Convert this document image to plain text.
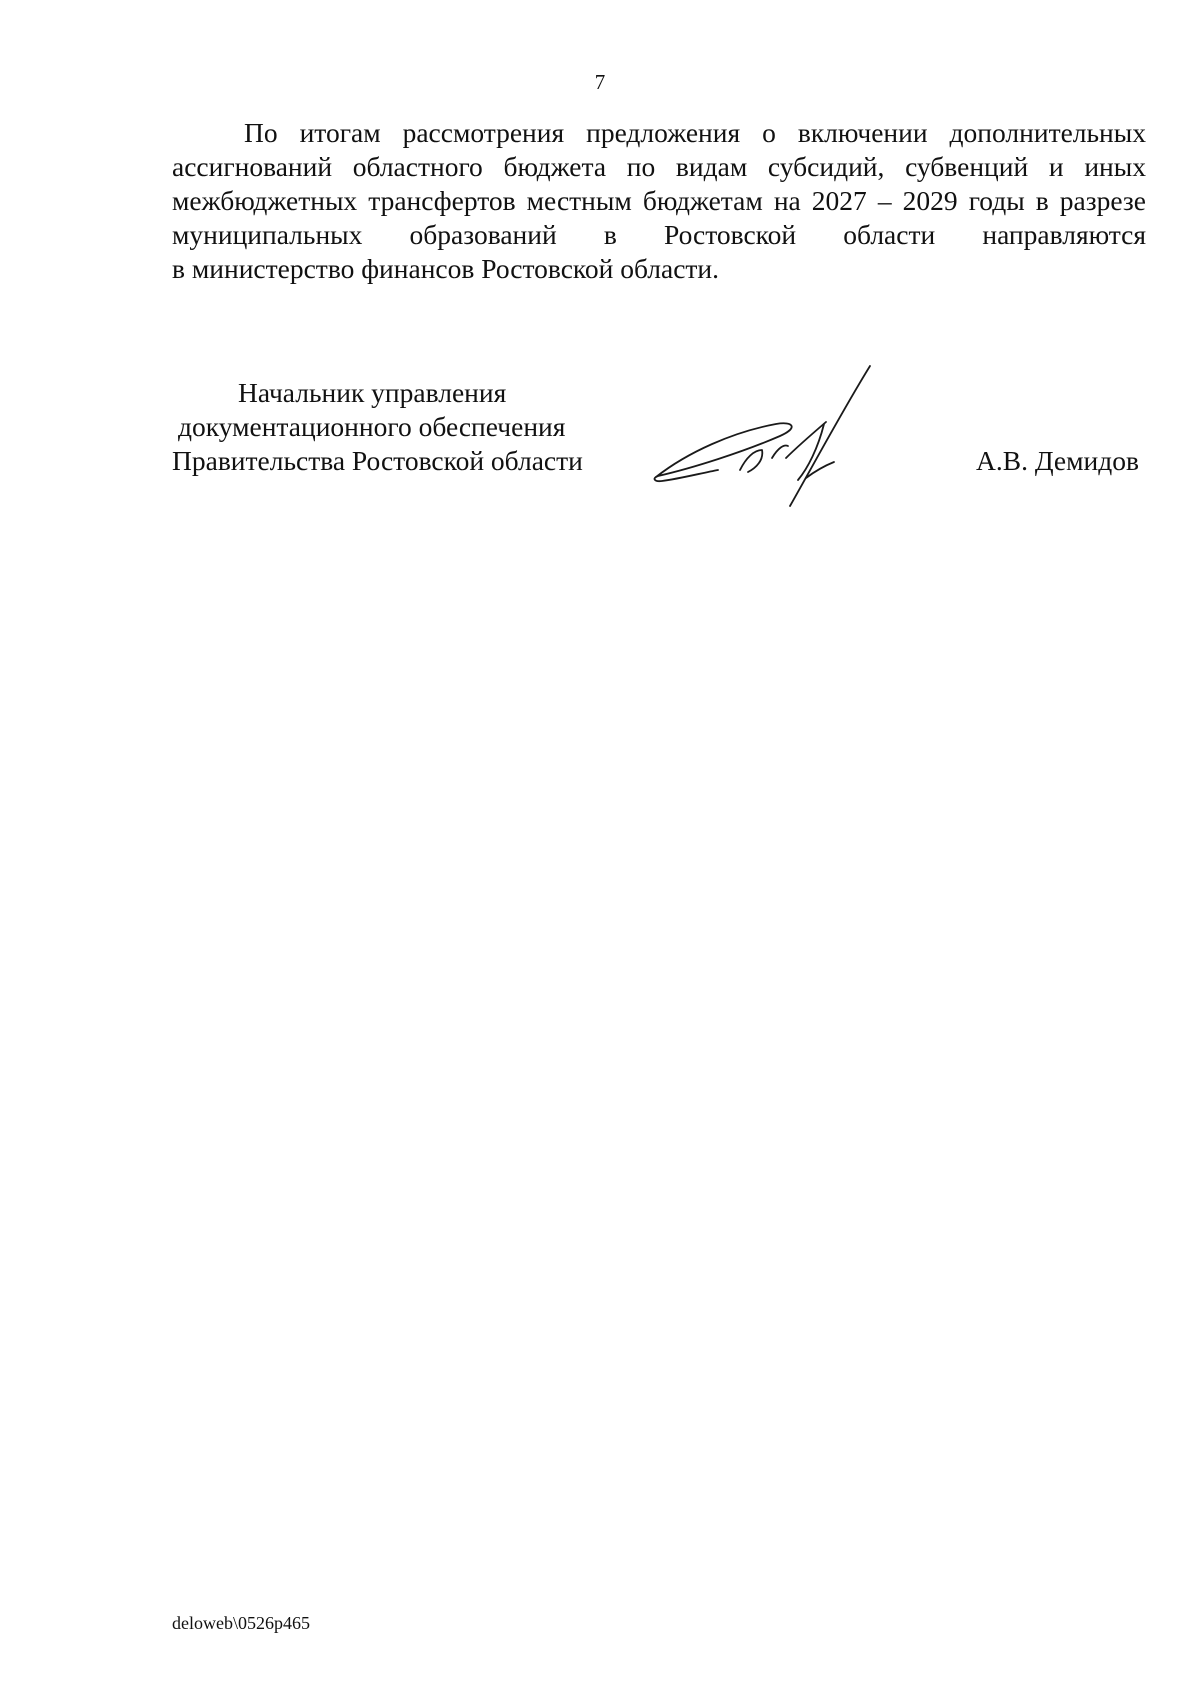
7
По итогам рассмотрения предложения о включении дополнительных
ассигнований областного бюджета по видам субсидий, субвенций и иных
межбюджетных трансфертов местным бюджетам на 2027 – 2029 годы в разрезе
муниципальных образований в Ростовской области направляются
в министерство финансов Ростовской области.
Начальник управления
документационного обеспечения
Правительства Ростовской области	А.В. Демидов
deloweb\0526p465
